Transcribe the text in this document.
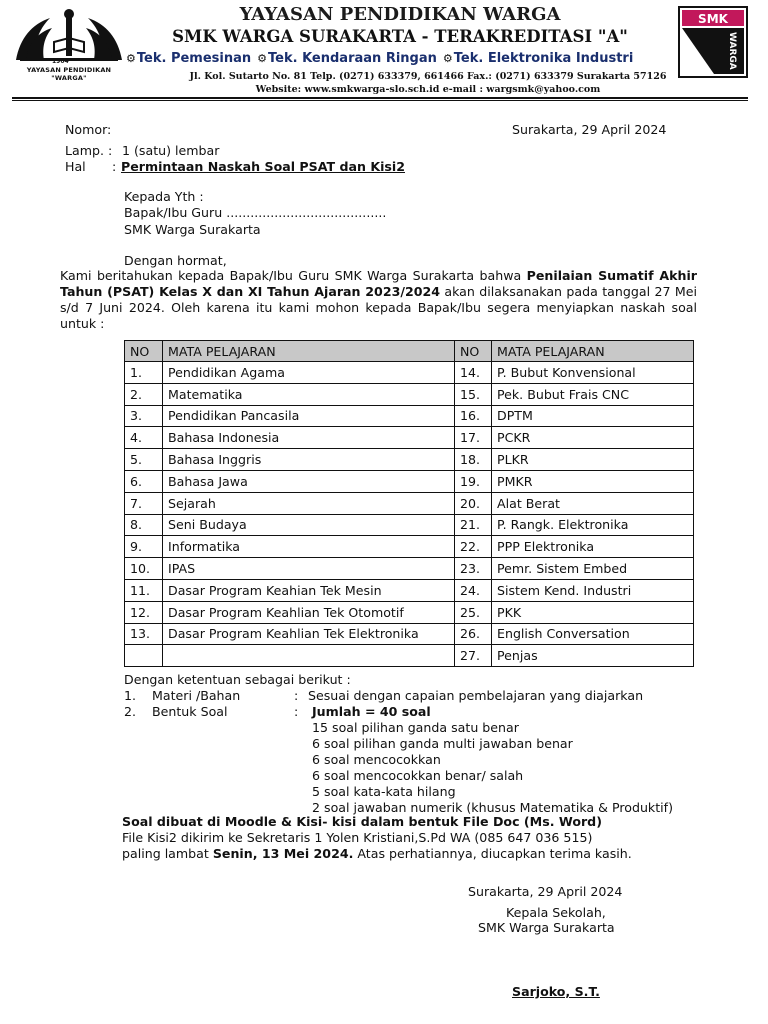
1904
YAYASAN PENDIDIKAN "WARGA"
YAYASAN PENDIDIKAN WARGA
SMK WARGA SURAKARTA - TERAKREDITASI "A"
⚙Tek. Pemesinan ⚙Tek. Kendaraan Ringan ⚙Tek. Elektronika Industri
Jl. Kol. Sutarto No. 81 Telp. (0271) 633379, 661466 Fax.: (0271) 633379 Surakarta 57126
Website: www.smkwarga-slo.sch.id e-mail : wargsmk@yahoo.com
SMK
WARGA
Nomor:	Surakarta, 29 April 2024
Lamp. : 1 (satu) lembar
Hal : Permintaan Naskah Soal PSAT dan Kisi2
Kepada Yth :
Bapak/Ibu Guru ........................................
SMK Warga Surakarta
Dengan hormat,
Kami beritahukan kepada Bapak/Ibu Guru SMK Warga Surakarta bahwa Penilaian Sumatif Akhir Tahun (PSAT) Kelas X dan XI Tahun Ajaran 2023/2024 akan dilaksanakan pada tanggal 27 Mei s/d 7 Juni 2024. Oleh karena itu kami mohon kepada Bapak/Ibu segera menyiapkan naskah soal untuk :
NO	MATA PELAJARAN	NO	MATA PELAJARAN
1.	Pendidikan Agama	14.	P. Bubut Konvensional
2.	Matematika	15.	Pek. Bubut Frais CNC
3.	Pendidikan Pancasila	16.	DPTM
4.	Bahasa Indonesia	17.	PCKR
5.	Bahasa Inggris	18.	PLKR
6.	Bahasa Jawa	19.	PMKR
7.	Sejarah	20.	Alat Berat
8.	Seni Budaya	21.	P. Rangk. Elektronika
9.	Informatika	22.	PPP Elektronika
10.	IPAS	23.	Pemr. Sistem Embed
11.	Dasar Program Keahian Tek Mesin	24.	Sistem Kend. Industri
12.	Dasar Program Keahlian Tek Otomotif	25.	PKK
13.	Dasar Program Keahlian Tek Elektronika	26.	English Conversation
		27.	Penjas
Dengan ketentuan sebagai berikut :
1. Materi /Bahan	: Sesuai dengan capaian pembelajaran yang diajarkan
2. Bentuk Soal	: Jumlah = 40 soal
15 soal pilihan ganda satu benar
6 soal pilihan ganda multi jawaban benar
6 soal mencocokkan
6 soal mencocokkan benar/ salah
5 soal kata-kata hilang
2 soal jawaban numerik (khusus Matematika & Produktif)
Soal dibuat di Moodle & Kisi- kisi dalam bentuk File Doc (Ms. Word)
File Kisi2 dikirim ke Sekretaris 1 Yolen Kristiani,S.Pd WA (085 647 036 515)
paling lambat Senin, 13 Mei 2024. Atas perhatiannya, diucapkan terima kasih.
Surakarta, 29 April 2024
Kepala Sekolah,
SMK Warga Surakarta
Sarjoko, S.T.
